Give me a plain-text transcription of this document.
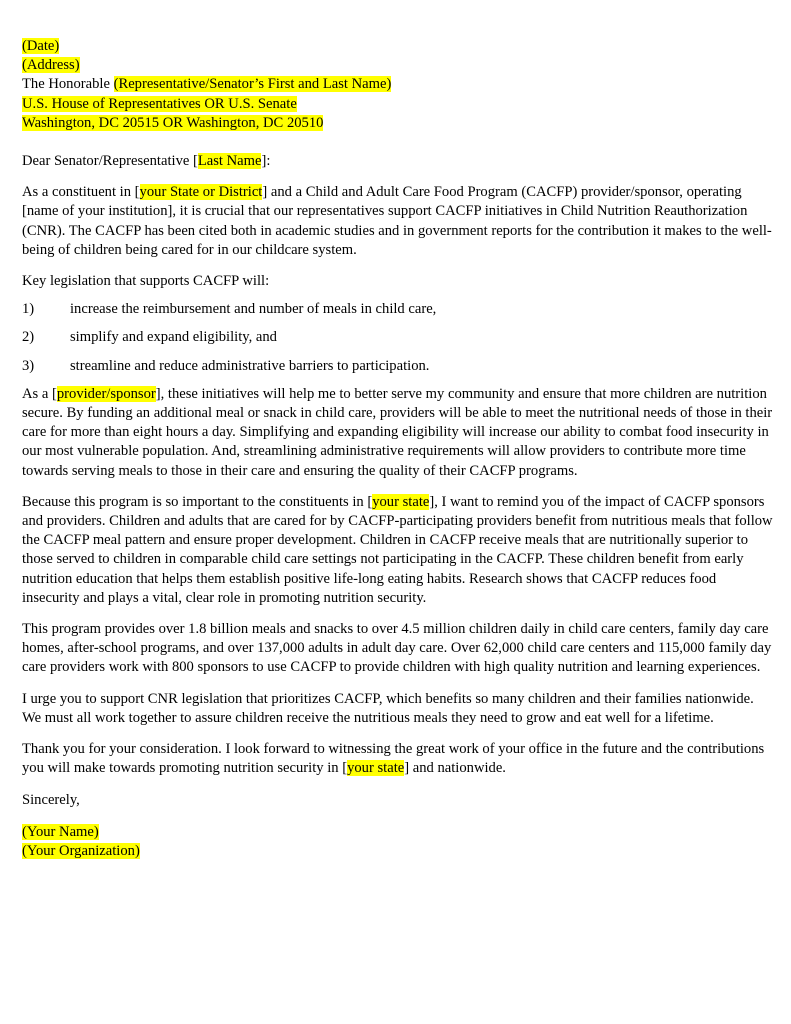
(Date)
(Address)
The Honorable (Representative/Senator’s First and Last Name)
U.S. House of Representatives OR U.S. Senate
Washington, DC 20515 OR Washington, DC 20510
Dear Senator/Representative [Last Name]:

As a constituent in [your State or District] and a Child and Adult Care Food Program (CACFP) provider/sponsor, operating [name of your institution], it is crucial that our representatives support CACFP initiatives in Child Nutrition Reauthorization (CNR). The CACFP has been cited both in academic studies and in government reports for the contribution it makes to the well-being of children being cared for in our childcare system.

Key legislation that supports CACFP will:

1)	increase the reimbursement and number of meals in child care,
2)	simplify and expand eligibility, and
3)	streamline and reduce administrative barriers to participation.

As a [provider/sponsor], these initiatives will help me to better serve my community and ensure that more children are nutrition secure. By funding an additional meal or snack in child care, providers will be able to meet the nutritional needs of those in their care for more than eight hours a day. Simplifying and expanding eligibility will increase our ability to combat food insecurity in our most vulnerable population. And, streamlining administrative requirements will allow providers to contribute more time towards serving meals to those in their care and ensuring the quality of their CACFP programs.

Because this program is so important to the constituents in [your state], I want to remind you of the impact of CACFP sponsors and providers. Children and adults that are cared for by CACFP-participating providers benefit from nutritious meals that follow the CACFP meal pattern and ensure proper development. Children in CACFP receive meals that are nutritionally superior to those served to children in comparable child care settings not participating in the CACFP. These children benefit from early nutrition education that helps them establish positive life-long eating habits. Research shows that CACFP reduces food insecurity and plays a vital, clear role in promoting nutrition security.

This program provides over 1.8 billion meals and snacks to over 4.5 million children daily in child care centers, family day care homes, after-school programs, and over 137,000 adults in adult day care. Over 62,000 child care centers and 115,000 family day care providers work with 800 sponsors to use CACFP to provide children with high quality nutrition and learning experiences.

I urge you to support CNR legislation that prioritizes CACFP, which benefits so many children and their families nationwide. We must all work together to assure children receive the nutritious meals they need to grow and eat well for a lifetime.

Thank you for your consideration. I look forward to witnessing the great work of your office in the future and the contributions you will make towards promoting nutrition security in [your state] and nationwide.

Sincerely,
(Your Name)
(Your Organization)
